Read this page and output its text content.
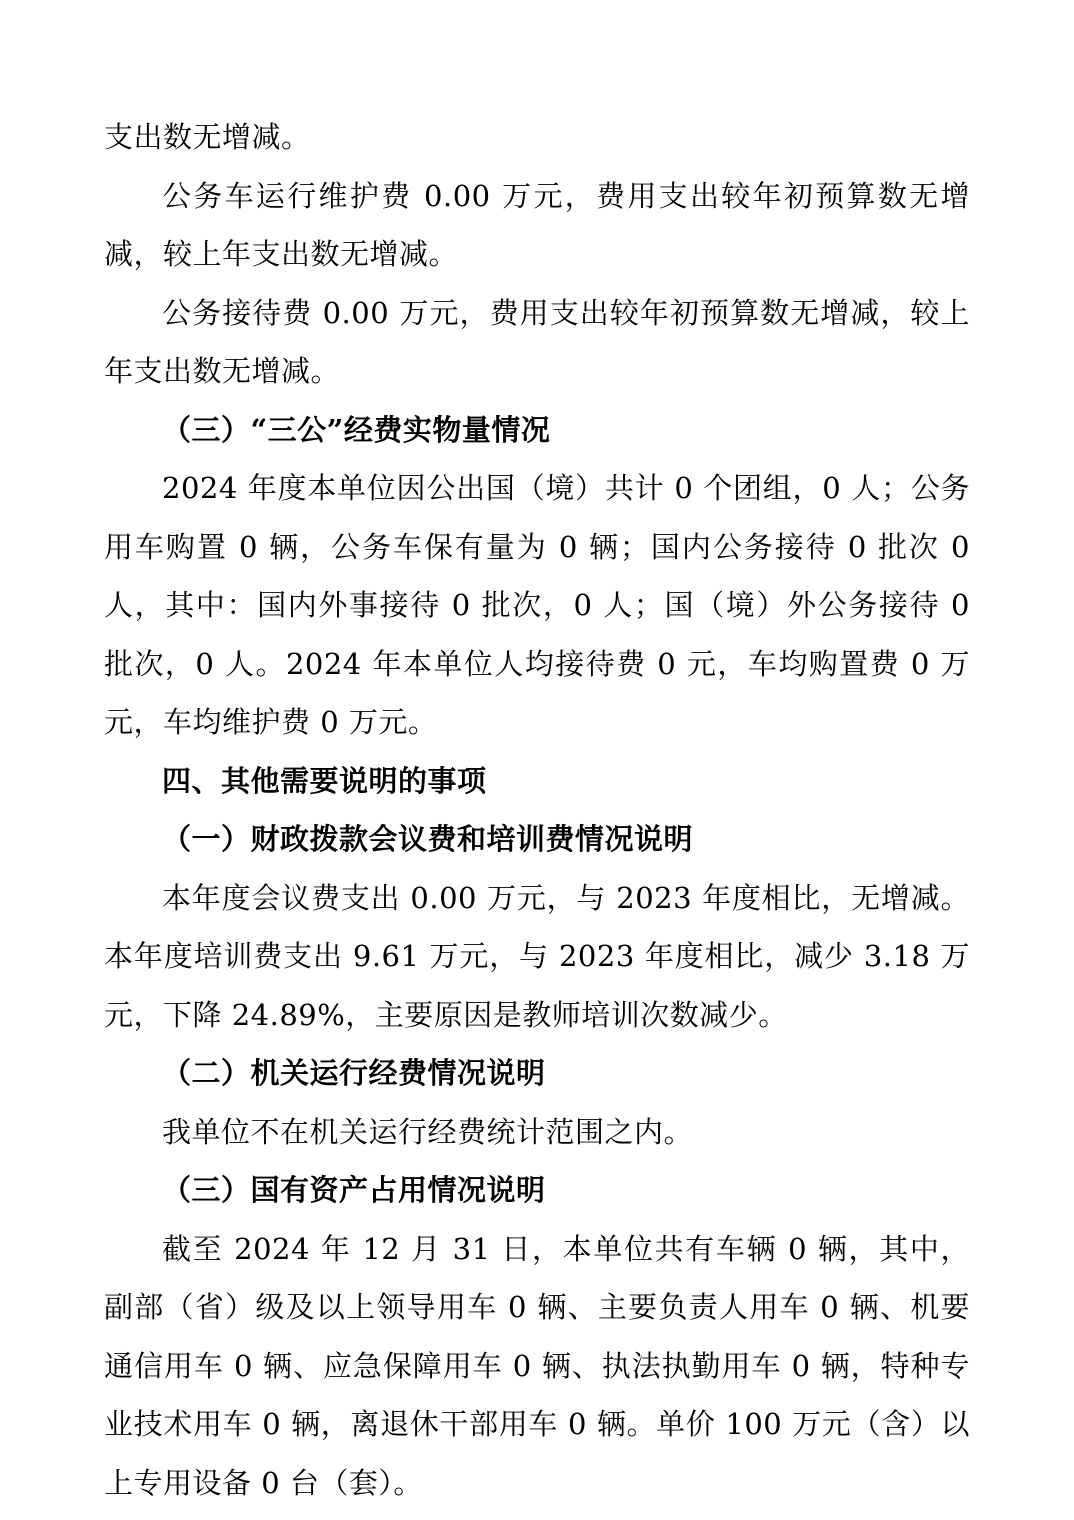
支出数无增减。

公务车运行维护费 0.00 万元，费用支出较年初预算数无增减，较上年支出数无增减。

公务接待费 0.00 万元，费用支出较年初预算数无增减，较上年支出数无增减。

（三）“三公”经费实物量情况

2024 年度本单位因公出国（境）共计 0 个团组，0 人；公务用车购置 0 辆，公务车保有量为 0 辆；国内公务接待 0 批次 0 人，其中：国内外事接待 0 批次，0 人；国（境）外公务接待 0 批次，0 人。2024 年本单位人均接待费 0 元，车均购置费 0 万元，车均维护费 0 万元。

四、其他需要说明的事项

（一）财政拨款会议费和培训费情况说明

本年度会议费支出 0.00 万元，与 2023 年度相比，无增减。本年度培训费支出 9.61 万元，与 2023 年度相比，减少 3.18 万元，下降 24.89%，主要原因是教师培训次数减少。

（二）机关运行经费情况说明

我单位不在机关运行经费统计范围之内。

（三）国有资产占用情况说明

截至 2024 年 12 月 31 日，本单位共有车辆 0 辆，其中，副部（省）级及以上领导用车 0 辆、主要负责人用车 0 辆、机要通信用车 0 辆、应急保障用车 0 辆、执法执勤用车 0 辆，特种专业技术用车 0 辆，离退休干部用车 0 辆。单价 100 万元（含）以上专用设备 0 台（套）。
